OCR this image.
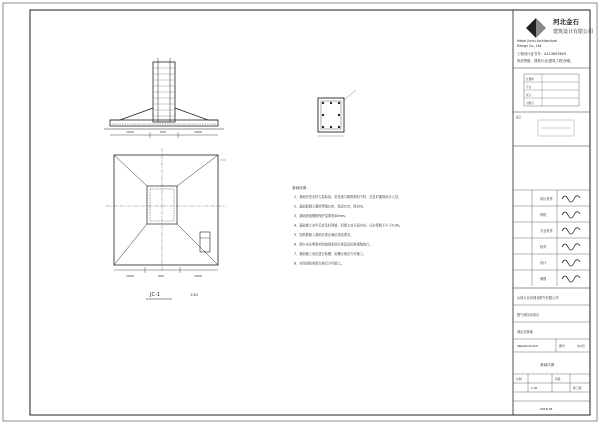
河北金石
建筑设计有限公司
Hebei Jinshi Architectural
Design Co., Ltd
工程设计证书号：A113007649
资质等级：建筑行业(建筑工程)甲级
注册师
专业
签章
出图章
盖章
项目负责
审核
专业负责
校对
设计
制图
山西太谷县城北燃气有限公司
燃气调压站项目
调压站基础
SBG2018-024	图号	共2页
基础详图
比例
1:30
阶段
施工图
2018.06
1000	500	1000
1000	500	1000
JC-1	1:30
基础说明：
1、基础开挖至持力层标高，若发现与勘察资料不符，应及时通知设计人员。
2、基础混凝土强度等级C30，垫层C15，厚100。
3、基础底板钢筋保护层厚度40mm。
4、基础施工完毕后应及时回填，回填土应分层夯实，压实系数不小于0.94。
5、柱纵筋锚入基础长度应满足规范要求。
6、图中未注明事项均按国家现行规范及标准图集执行。
7、基础施工前应进行验槽，验槽合格后方可施工。
8、本图须经审图合格后方可施工。
